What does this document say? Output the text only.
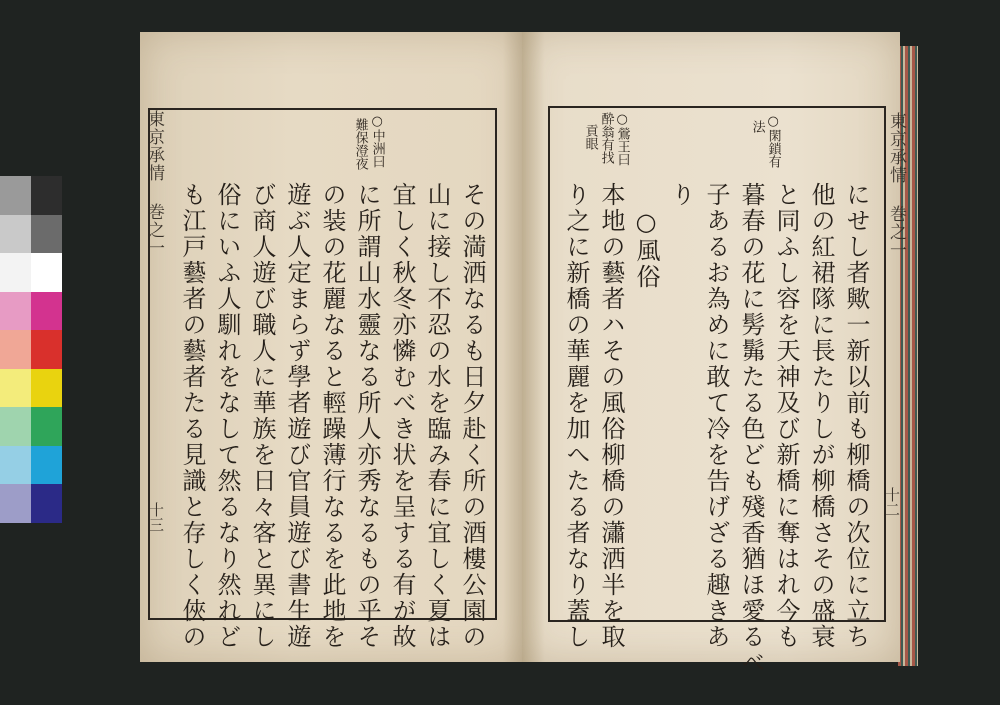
東京承情 巻之一
十三
○中洲曰
難保澄夜
その満洒なるも日夕赴く所の酒樓公園の
山に接し不忍の水を臨み春に宜しく夏は
宜しく秋冬亦憐むべき状を呈する有が故
に所謂山水靈なる所人亦秀なるもの乎そ
の装の花麗なると輕躁薄行なるを此地を
遊ぶ人定まらず學者遊び官員遊び書生遊
び商人遊び職人に華族を日々客と異にし
俗にいふ人馴れをなして然るなり然れど
も江戸藝者の藝者たる見識と存しく俠の	東京承情 巻之一
十二
○閑鎖有
法
○鶯王曰
酔翁有找
貢眼
にせし者歟一新以前も柳橋の次位に立ち
他の紅裙隊に長たりしが柳橋さその盛衰
と同ふし容を天神及び新橋に奪はれ今も
暮春の花に髣髴たる色ども殘香猶ほ愛るべ
子あるお為めに敢て冷を告げざる趣きあ
り
　○風俗
本地の藝者ハその風俗柳橋の瀟洒半を取
り之に新橋の華麗を加へたる者なり蓋し
